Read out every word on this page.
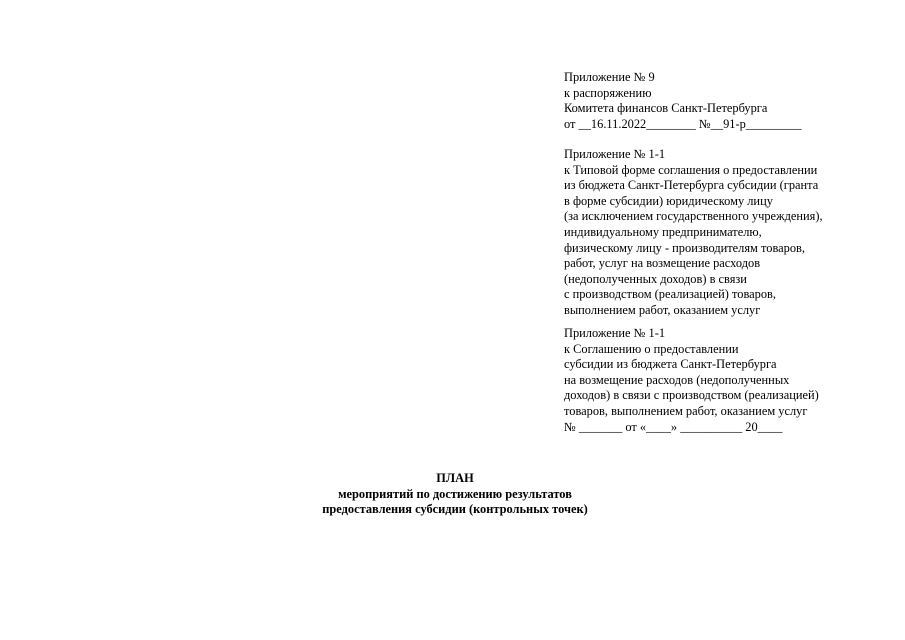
Приложение № 9
к распоряжению
Комитета финансов Санкт-Петербурга
от __16.11.2022________ №__91-р_________
Приложение № 1-1
к Типовой форме соглашения о предоставлении
из бюджета Санкт-Петербурга субсидии (гранта
в форме субсидии) юридическому лицу
(за исключением государственного учреждения),
индивидуальному предпринимателю,
физическому лицу - производителям товаров,
работ, услуг на возмещение расходов
(недополученных доходов) в связи
с производством (реализацией) товаров,
выполнением работ, оказанием услуг
Приложение № 1-1
к Соглашению о предоставлении
субсидии из бюджета Санкт-Петербурга
на возмещение расходов (недополученных
доходов) в связи с производством (реализацией)
товаров, выполнением работ, оказанием услуг
№ _______ от «____» __________ 20____
ПЛАН
мероприятий по достижению результатов
предоставления субсидии (контрольных точек)
